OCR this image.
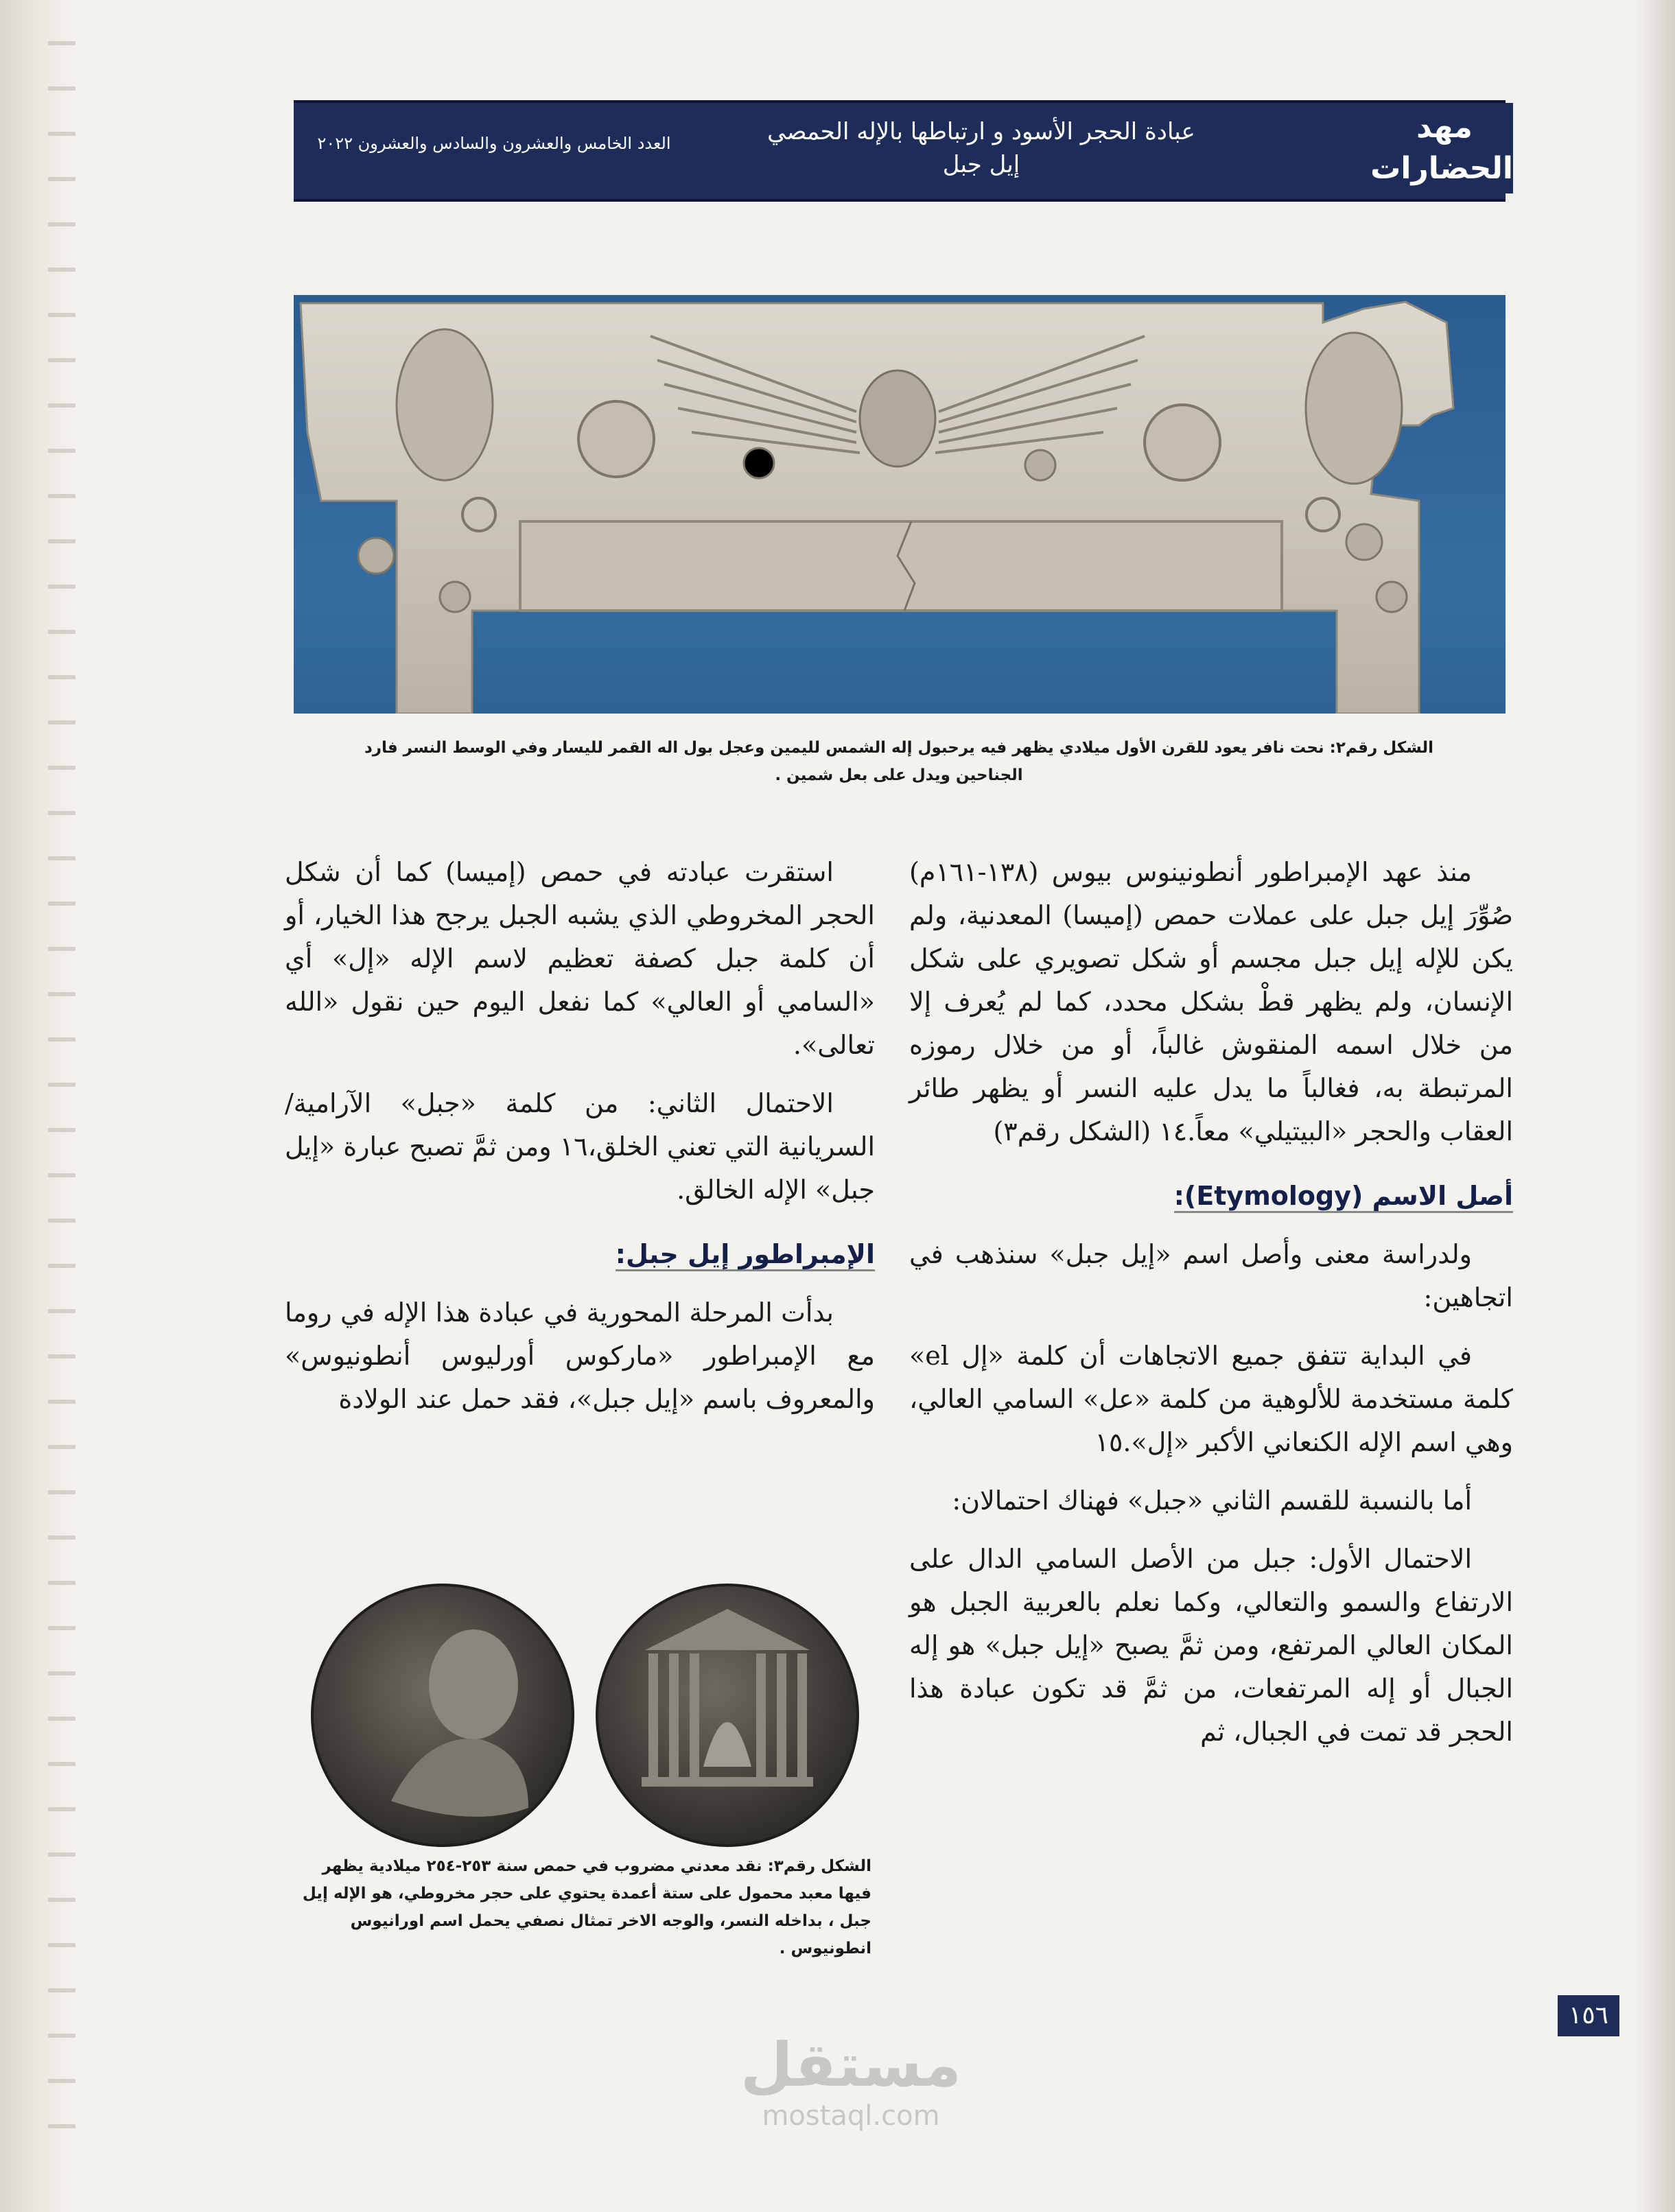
مهد
الحضارات
عبادة الحجر الأسود و ارتباطها بالإله الحمصي
إيل جبل
العدد الخامس والعشرون والسادس والعشرون ٢٠٢٢
الشكل رقم٢: نحت نافر يعود للقرن الأول ميلادي يظهر فيه يرحبول إله الشمس لليمين وعجل بول اله القمر لليسار وفي الوسط النسر فارد
الجناحين ويدل على بعل شمين .

منذ عهد الإمبراطور أنطونينوس بيوس (١٣٨-١٦١م) صُوِّرَ إيل جبل على عملات حمص (إميسا) المعدنية، ولم يكن للإله إيل جبل مجسم أو شكل تصويري على شكل الإنسان، ولم يظهر قطْ بشكل محدد، كما لم يُعرف إلا من خلال اسمه المنقوش غالباً، أو من خلال رموزه المرتبطة به، فغالباً ما يدل عليه النسر أو يظهر طائر العقاب والحجر «البيتيلي» معاً.١٤ (الشكل رقم٣)

أصل الاسم (Etymology):

ولدراسة معنى وأصل اسم «إيل جبل» سنذهب في اتجاهين:

في البداية تتفق جميع الاتجاهات أن كلمة «إل el» كلمة مستخدمة للألوهية من كلمة «عل» السامي العالي، وهي اسم الإله الكنعاني الأكبر «إل».١٥

أما بالنسبة للقسم الثاني «جبل» فهناك احتمالان:

الاحتمال الأول: جبل من الأصل السامي الدال على الارتفاع والسمو والتعالي، وكما نعلم بالعربية الجبل هو المكان العالي المرتفع، ومن ثمَّ يصبح «إيل جبل» هو إله الجبال أو إله المرتفعات، من ثمَّ قد تكون عبادة هذا الحجر قد تمت في الجبال، ثم

استقرت عبادته في حمص (إميسا) كما أن شكل الحجر المخروطي الذي يشبه الجبل يرجح هذا الخيار، أو أن كلمة جبل كصفة تعظيم لاسم الإله «إل» أي «السامي أو العالي» كما نفعل اليوم حين نقول «الله تعالى».

الاحتمال الثاني: من كلمة «جبل» الآرامية/ السريانية التي تعني الخلق،١٦ ومن ثمَّ تصبح عبارة «إيل جبل» الإله الخالق.

الإمبراطور إيل جبل:

بدأت المرحلة المحورية في عبادة هذا الإله في روما مع الإمبراطور «ماركوس أورليوس أنطونيوس» والمعروف باسم «إيل جبل»، فقد حمل عند الولادة

الشكل رقم٣: نقد معدني مضروب في حمص سنة ٢٥٣-٢٥٤ ميلادية يظهر فيها معبد محمول على ستة أعمدة يحتوي على حجر مخروطي، هو الإله إيل جبل ، بداخله النسر، والوجه الاخر تمثال نصفي يحمل اسم اورانيوس انطونيوس .
١٥٦
مستقل
mostaql.com
